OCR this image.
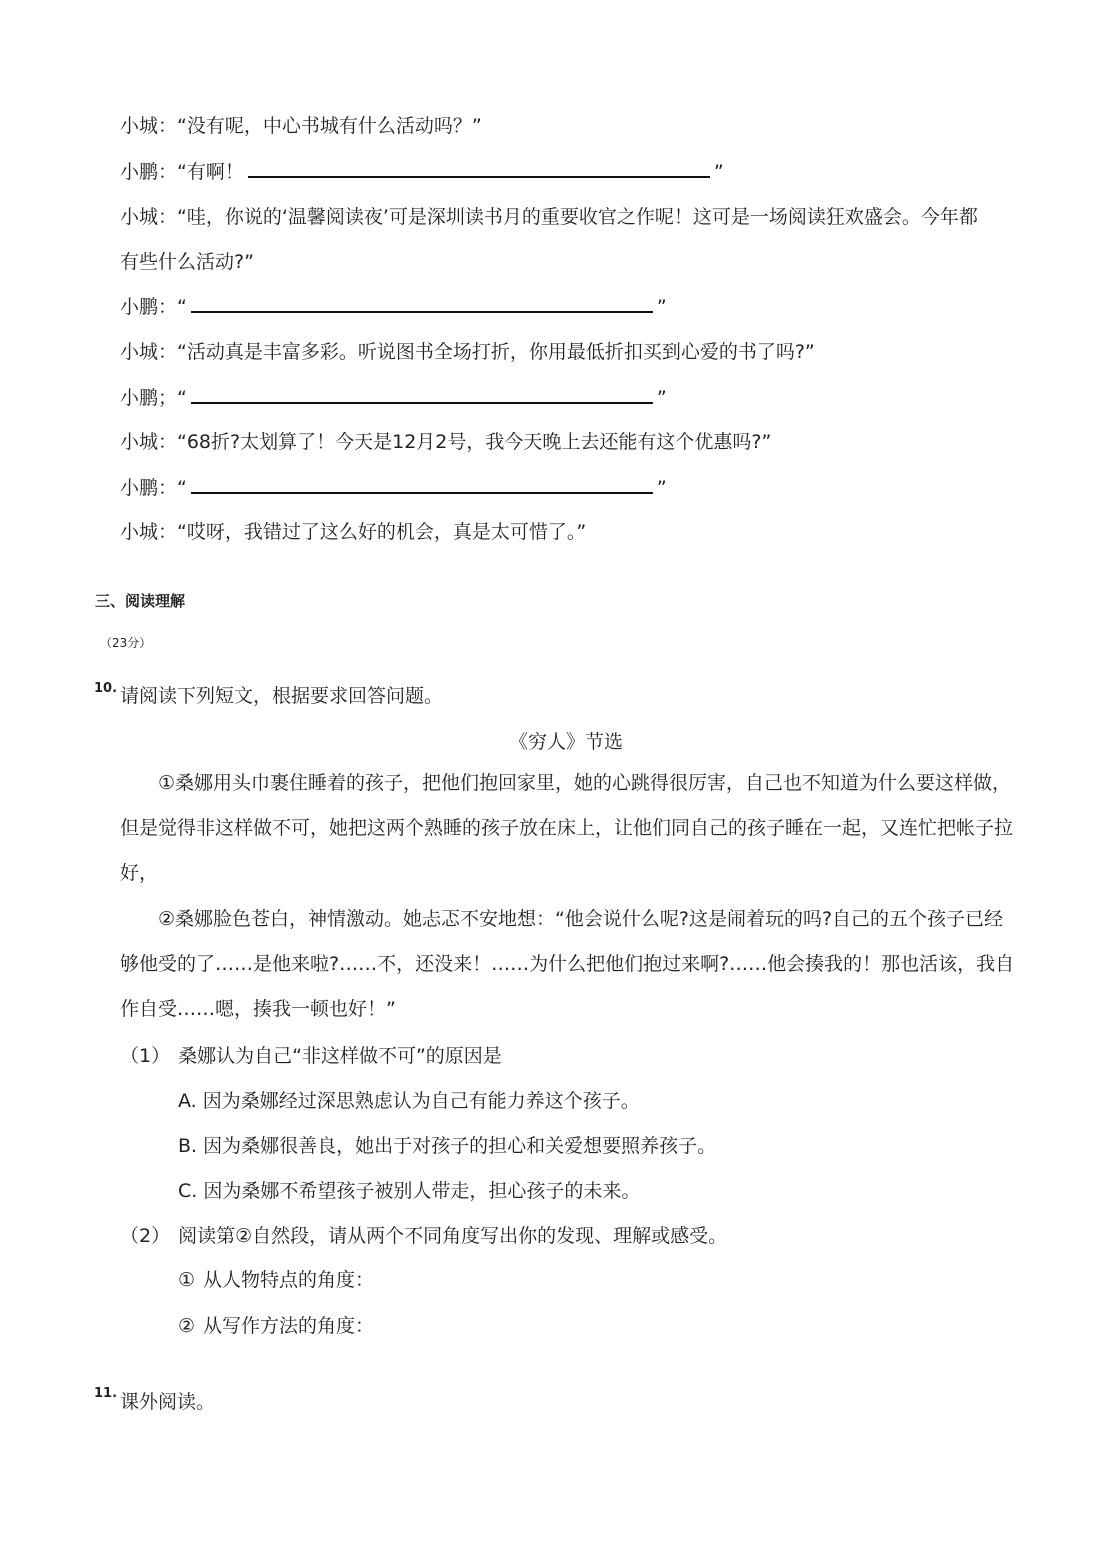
小城：“没有呢，中心书城有什么活动吗？”
小鹏：“有啊！	”
小城：“哇，你说的‘温馨阅读夜’可是深圳读书月的重要收官之作呢！这可是一场阅读狂欢盛会。今年都
有些什么活动?”
小鹏：“	”
小城：“活动真是丰富多彩。听说图书全场打折，你用最低折扣买到心爱的书了吗?”
小鹏；“	”
小城：“68折?太划算了！今天是12月2号，我今天晚上去还能有这个优惠吗?”
小鹏：“	”
小城：“哎呀，我错过了这么好的机会，真是太可惜了。”
三、阅读理解
（23分）
10. 请阅读下列短文，根据要求回答问题。
《穷人》节选
①桑娜用头巾裹住睡着的孩子，把他们抱回家里，她的心跳得很厉害，自己也不知道为什么要这样做，但是觉得非这样做不可，她把这两个熟睡的孩子放在床上，让他们同自己的孩子睡在一起，又连忙把帐子拉好，
②桑娜脸色苍白，神情激动。她忐忑不安地想：“他会说什么呢?这是闹着玩的吗?自己的五个孩子已经够他受的了……是他来啦?……不，还没来！……为什么把他们抱过来啊?……他会揍我的！那也活该，我自作自受……嗯，揍我一顿也好！”
（1） 桑娜认为自己“非这样做不可”的原因是
A. 因为桑娜经过深思熟虑认为自己有能力养这个孩子。
B. 因为桑娜很善良，她出于对孩子的担心和关爱想要照养孩子。
C. 因为桑娜不希望孩子被别人带走，担心孩子的未来。
（2） 阅读第②自然段，请从两个不同角度写出你的发现、理解或感受。
① 从人物特点的角度：
② 从写作方法的角度：
11. 课外阅读。
